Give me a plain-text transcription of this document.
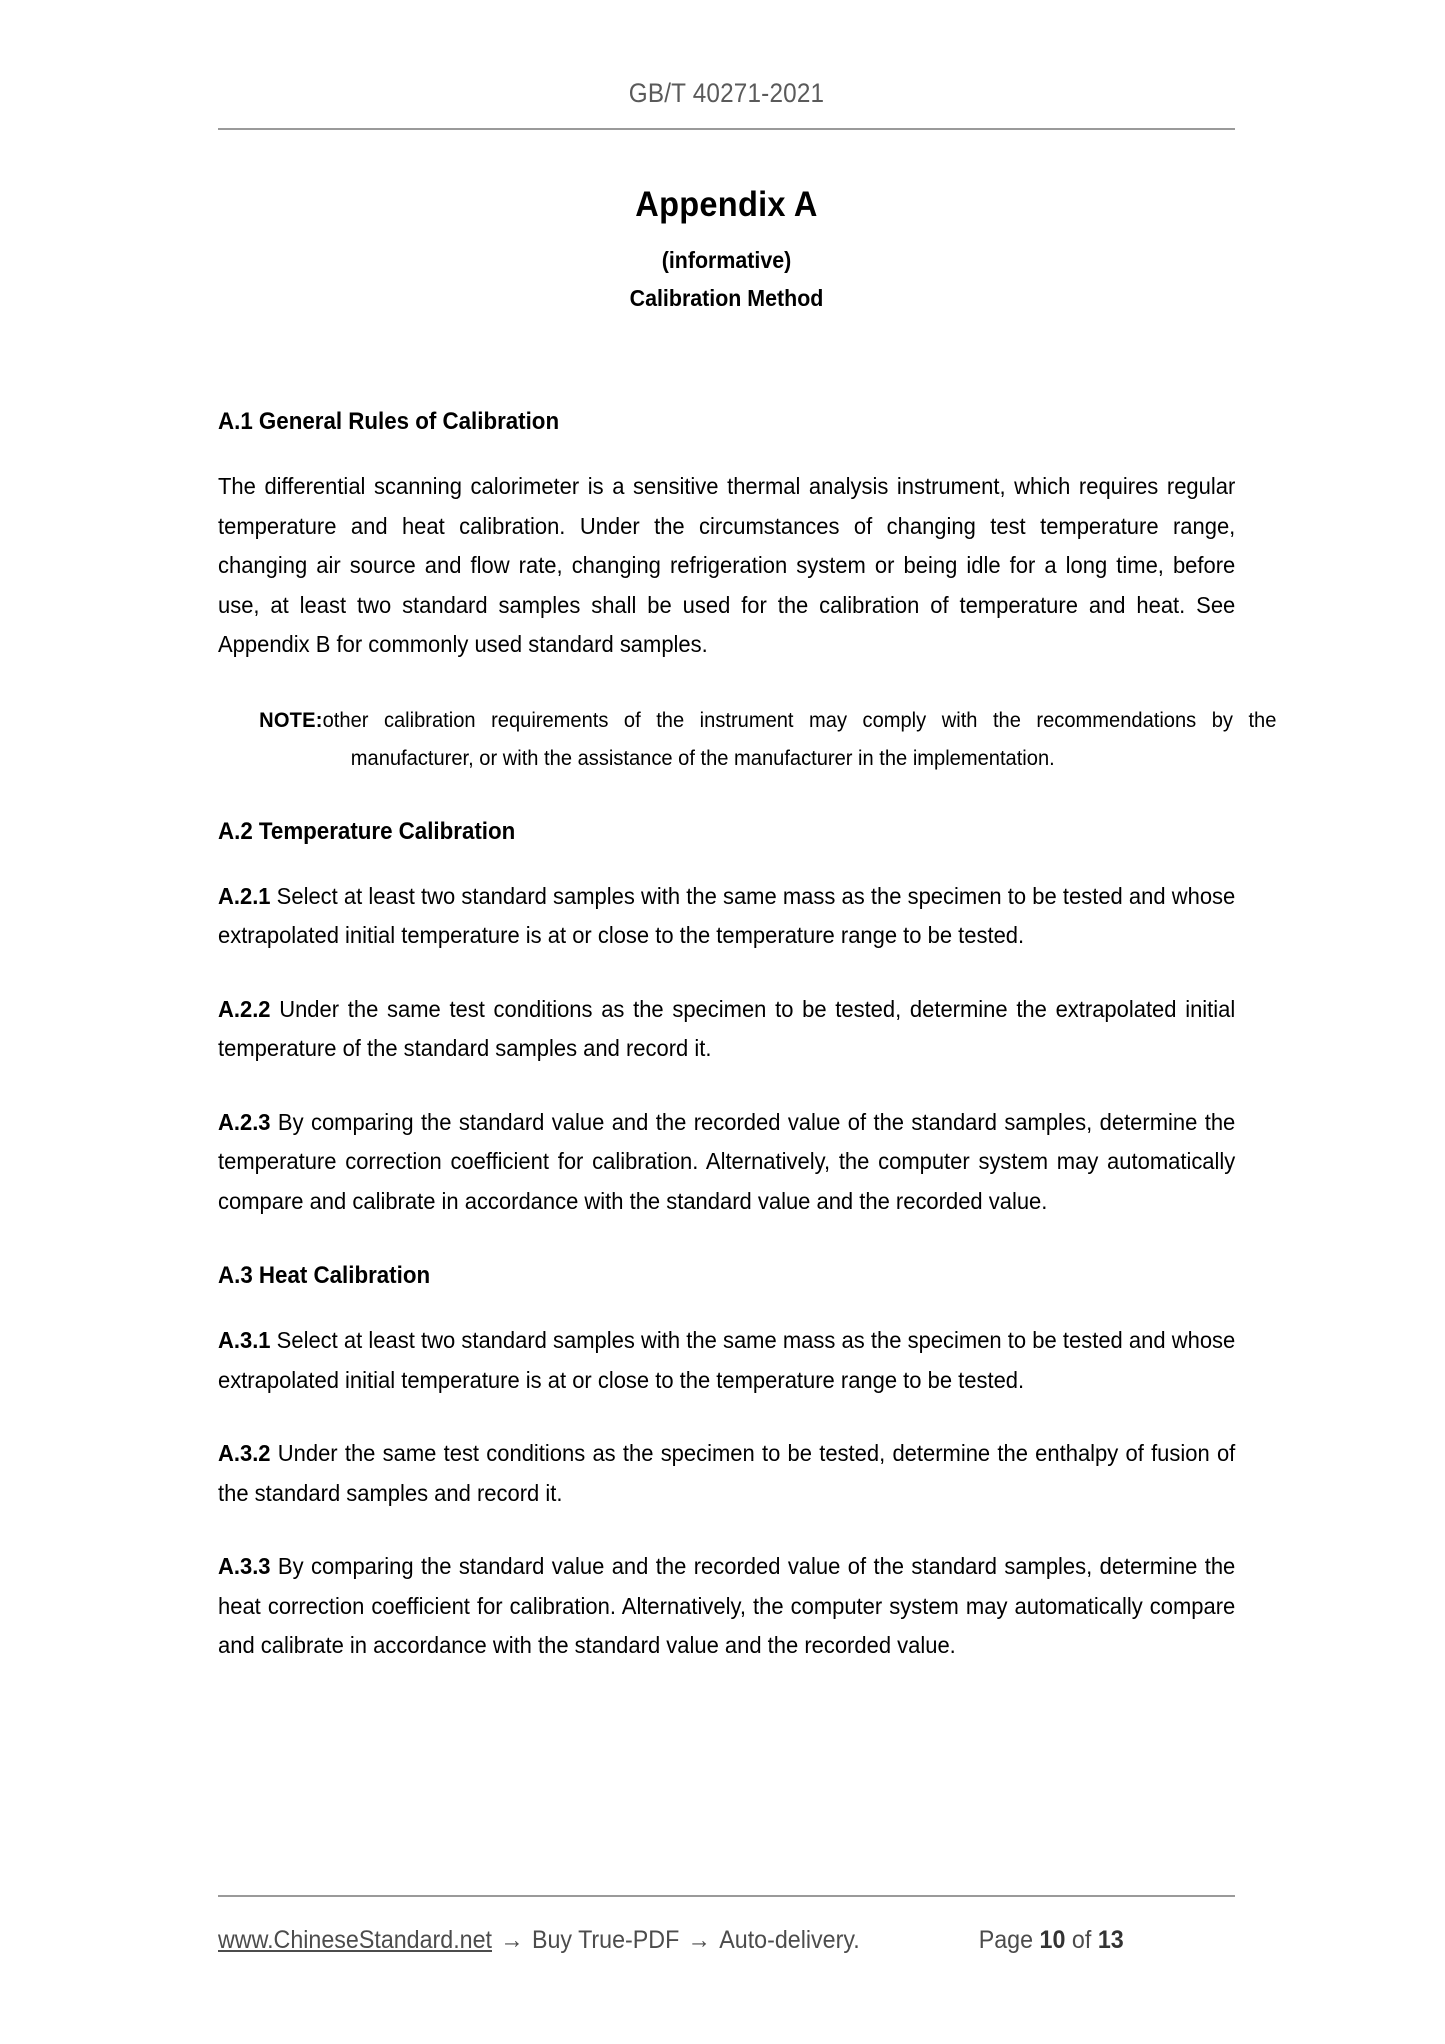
GB/T 40271-2021
Appendix A
(informative)
Calibration Method
A.1 General Rules of Calibration

The differential scanning calorimeter is a sensitive thermal analysis instrument, which requires regular temperature and heat calibration. Under the circumstances of changing test temperature range, changing air source and flow rate, changing refrigeration system or being idle for a long time, before use, at least two standard samples shall be used for the calibration of temperature and heat. See Appendix B for commonly used standard samples.

NOTE:other calibration requirements of the instrument may comply with the recommendations by the manufacturer, or with the assistance of the manufacturer in the implementation.
A.2 Temperature Calibration

A.2.1 Select at least two standard samples with the same mass as the specimen to be tested and whose extrapolated initial temperature is at or close to the temperature range to be tested.

A.2.2 Under the same test conditions as the specimen to be tested, determine the extrapolated initial temperature of the standard samples and record it.

A.2.3 By comparing the standard value and the recorded value of the standard samples, determine the temperature correction coefficient for calibration. Alternatively, the computer system may automatically compare and calibrate in accordance with the standard value and the recorded value.

A.3 Heat Calibration

A.3.1 Select at least two standard samples with the same mass as the specimen to be tested and whose extrapolated initial temperature is at or close to the temperature range to be tested.

A.3.2 Under the same test conditions as the specimen to be tested, determine the enthalpy of fusion of the standard samples and record it.

A.3.3 By comparing the standard value and the recorded value of the standard samples, determine the heat correction coefficient for calibration. Alternatively, the computer system may automatically compare and calibrate in accordance with the standard value and the recorded value.

www.ChineseStandard.net → Buy True-PDF → Auto-delivery.	Page 10 of 13
